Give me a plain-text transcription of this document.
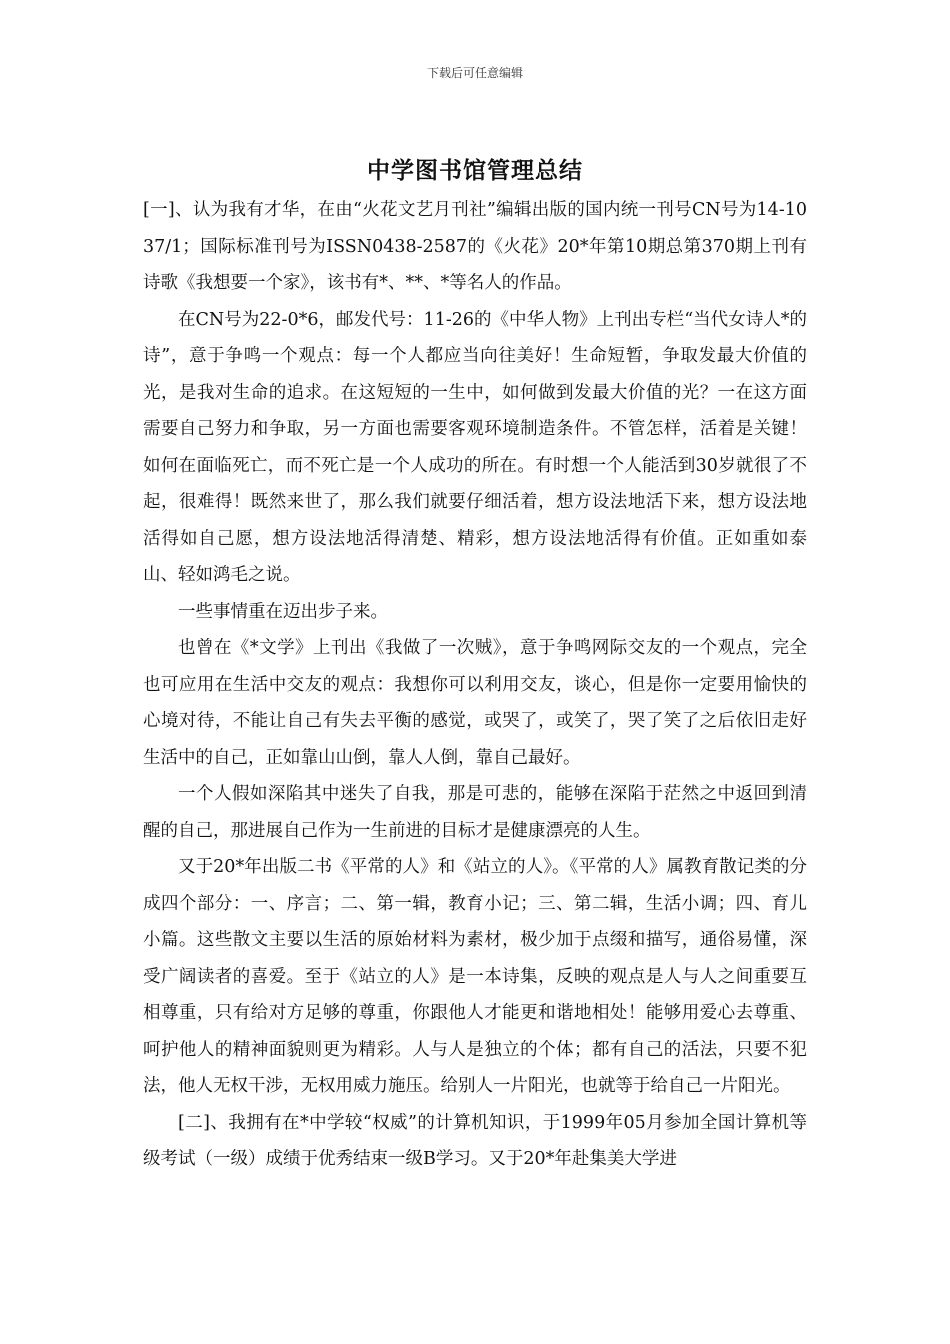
下载后可任意编辑
中学图书馆管理总结

[一]、认为我有才华，在由“火花文艺月刊社”编辑出版的国内统一刊号CN号为14-1037/1；国际标准刊号为ISSN0438-2587的《火花》20*年第10期总第370期上刊有诗歌《我想要一个家》，该书有*、**、*等名人的作品。

在CN号为22-0*6，邮发代号：11-26的《中华人物》上刊出专栏“当代女诗人*的诗”，意于争鸣一个观点：每一个人都应当向往美好！生命短暂，争取发最大价值的光，是我对生命的追求。在这短短的一生中，如何做到发最大价值的光？一在这方面需要自己努力和争取，另一方面也需要客观环境制造条件。不管怎样，活着是关键！如何在面临死亡，而不死亡是一个人成功的所在。有时想一个人能活到30岁就很了不起，很难得！既然来世了，那么我们就要仔细活着，想方设法地活下来，想方设法地活得如自己愿，想方设法地活得清楚、精彩，想方设法地活得有价值。正如重如泰山、轻如鸿毛之说。

一些事情重在迈出步子来。

也曾在《*文学》上刊出《我做了一次贼》，意于争鸣网际交友的一个观点，完全也可应用在生活中交友的观点：我想你可以利用交友，谈心，但是你一定要用愉快的心境对待，不能让自己有失去平衡的感觉，或哭了，或笑了，哭了笑了之后依旧走好生活中的自己，正如靠山山倒，靠人人倒，靠自己最好。

一个人假如深陷其中迷失了自我，那是可悲的，能够在深陷于茫然之中返回到清醒的自己，那进展自己作为一生前进的目标才是健康漂亮的人生。

又于20*年出版二书《平常的人》和《站立的人》。《平常的人》属教育散记类的分成四个部分：一、序言；二、第一辑，教育小记；三、第二辑，生活小调；四、育儿小篇。这些散文主要以生活的原始材料为素材，极少加于点缀和描写，通俗易懂，深受广阔读者的喜爱。至于《站立的人》是一本诗集，反映的观点是人与人之间重要互相尊重，只有给对方足够的尊重，你跟他人才能更和谐地相处！能够用爱心去尊重、呵护他人的精神面貌则更为精彩。人与人是独立的个体；都有自己的活法，只要不犯法，他人无权干涉，无权用威力施压。给别人一片阳光，也就等于给自己一片阳光。

[二]、我拥有在*中学较“权威”的计算机知识，于1999年05月参加全国计算机等级考试（一级）成绩于优秀结束一级B学习。又于20*年赴集美大学进
